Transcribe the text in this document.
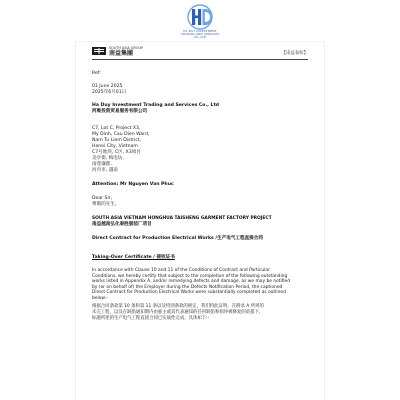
HA DUY INVESTMENT TRADING AND SERVICES CO.,LTD
SOUTH ASIA GROUP
南益集團	【南益泰纺】
Ref:
01 June 2025
2025年6月01日
Ha Duy Investment Trading and Services Co., Ltd
河维投资贸易服务有限公司
C7, Lot C, Project X3,
My Dinh, Cau Dien Ward,
Nam Tu Liem District,
Hanoi City, Vietnam
C7号地块, C区, X3项目
美亭街, 梅电坊,
南慈廉郡,
河内市, 越南
Attention: Mr Nguyen Van Phuc
Dear Sir,
尊敬的先生,
SOUTH ASIA VIETNAM HONGHUA TAISHENG GARMENT FACTORY PROJECT
南益越南弘化泰胜服装厂项目
Direct Contract for Production Electrical Works /生产电气工程直接合同
Taking-Over Certificate / 接收证书
In accordance with Clause 10 and 11 of the Conditions of Contract and Particular
Conditions, we hereby certify that subject to the completion of the following outstanding
works listed in Appendix A, and/or remedying defects and damage, as we may be notified
by (or on behalf of) the Employer during the Defects Notification Period, the captioned
Direct Contract for Production Electrical Works were substantially completed as outlined
below:-
根据合同条款第 10 条和第 11 条以及特别条款的规定，我们特此证明，在附录 A 所列的
未完工程，以及在缺陷通知期内由雇主或其代表通知的任何缺陷和损坏被修复的前提下，
标题所述的生产电气工程直接合同已实质性完成，具体如下:-
